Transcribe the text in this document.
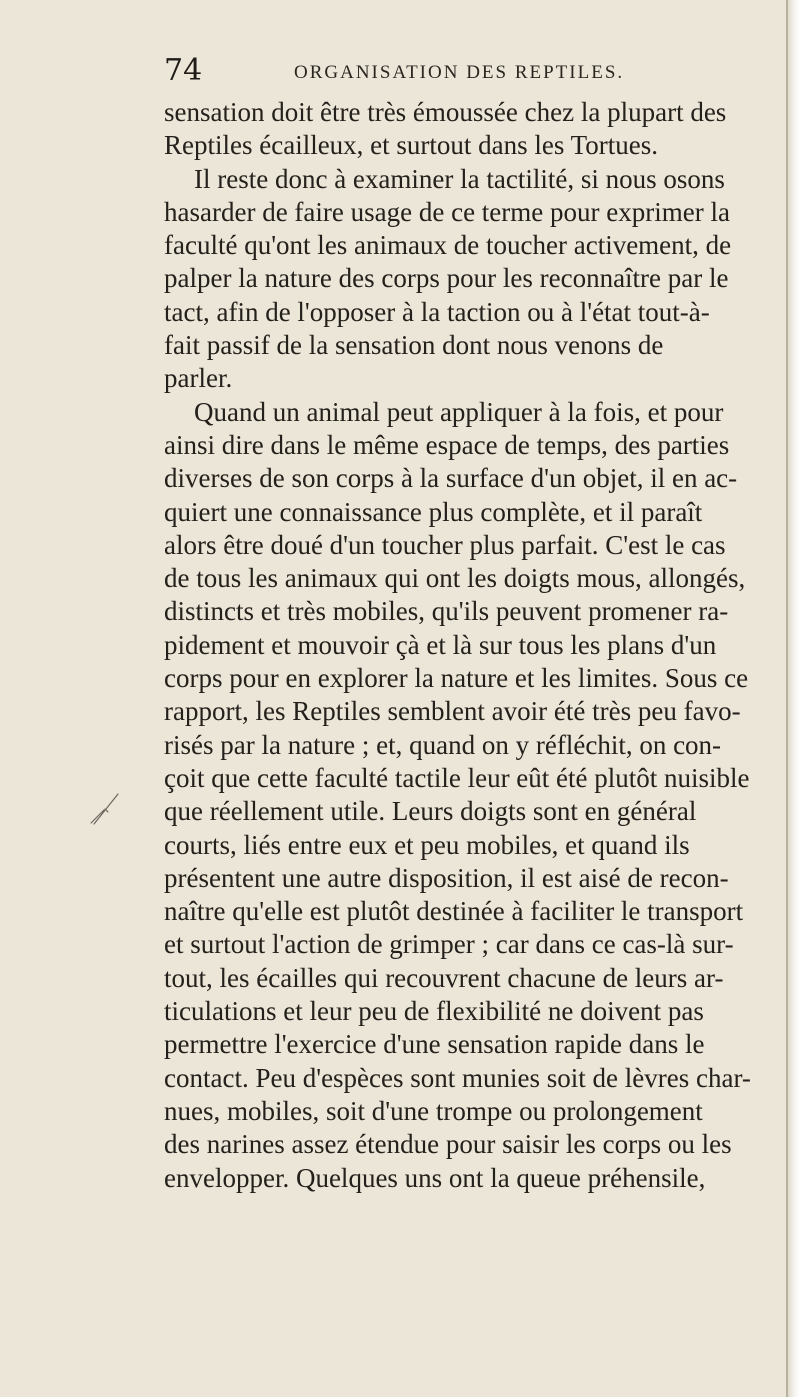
74	ORGANISATION DES REPTILES.
sensation doit être très émoussée chez la plupart des
Reptiles écailleux, et surtout dans les Tortues.
Il reste donc à examiner la tactilité, si nous osons
hasarder de faire usage de ce terme pour exprimer la
faculté qu'ont les animaux de toucher activement, de
palper la nature des corps pour les reconnaître par le
tact, afin de l'opposer à la taction ou à l'état tout-à-
fait passif de la sensation dont nous venons de
parler.
Quand un animal peut appliquer à la fois, et pour
ainsi dire dans le même espace de temps, des parties
diverses de son corps à la surface d'un objet, il en ac-
quiert une connaissance plus complète, et il paraît
alors être doué d'un toucher plus parfait. C'est le cas
de tous les animaux qui ont les doigts mous, allongés,
distincts et très mobiles, qu'ils peuvent promener ra-
pidement et mouvoir çà et là sur tous les plans d'un
corps pour en explorer la nature et les limites. Sous ce
rapport, les Reptiles semblent avoir été très peu favo-
risés par la nature ; et, quand on y réfléchit, on con-
çoit que cette faculté tactile leur eût été plutôt nuisible
que réellement utile. Leurs doigts sont en général
courts, liés entre eux et peu mobiles, et quand ils
présentent une autre disposition, il est aisé de recon-
naître qu'elle est plutôt destinée à faciliter le transport
et surtout l'action de grimper ; car dans ce cas-là sur-
tout, les écailles qui recouvrent chacune de leurs ar-
ticulations et leur peu de flexibilité ne doivent pas
permettre l'exercice d'une sensation rapide dans le
contact. Peu d'espèces sont munies soit de lèvres char-
nues, mobiles, soit d'une trompe ou prolongement
des narines assez étendue pour saisir les corps ou les
envelopper. Quelques uns ont la queue préhensile,
